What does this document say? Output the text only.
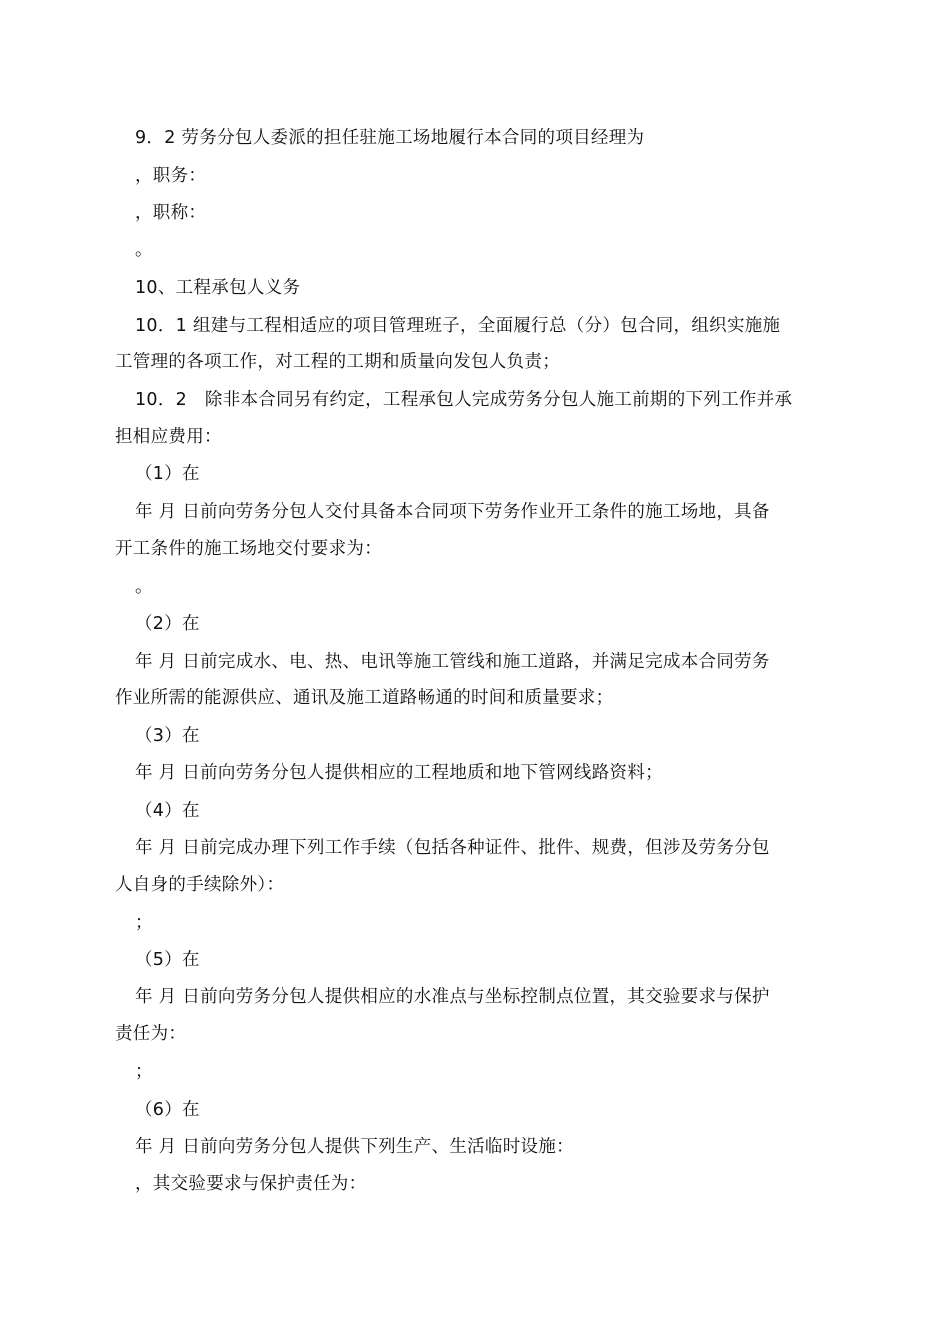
9．2 劳务分包人委派的担任驻施工场地履行本合同的项目经理为
，职务：
，职称：
。
10、工程承包人义务
10．1 组建与工程相适应的项目管理班子，全面履行总（分）包合同，组织实施施
工管理的各项工作，对工程的工期和质量向发包人负责；
10．2　除非本合同另有约定，工程承包人完成劳务分包人施工前期的下列工作并承
担相应费用：
（1）在
年 月 日前向劳务分包人交付具备本合同项下劳务作业开工条件的施工场地，具备
开工条件的施工场地交付要求为：
。
（2）在
年 月 日前完成水、电、热、电讯等施工管线和施工道路，并满足完成本合同劳务
作业所需的能源供应、通讯及施工道路畅通的时间和质量要求；
（3）在
年 月 日前向劳务分包人提供相应的工程地质和地下管网线路资料；
（4）在
年 月 日前完成办理下列工作手续（包括各种证件、批件、规费，但涉及劳务分包
人自身的手续除外）：
；
（5）在
年 月 日前向劳务分包人提供相应的水准点与坐标控制点位置，其交验要求与保护
责任为：
；
（6）在
年 月 日前向劳务分包人提供下列生产、生活临时设施：
，其交验要求与保护责任为：
